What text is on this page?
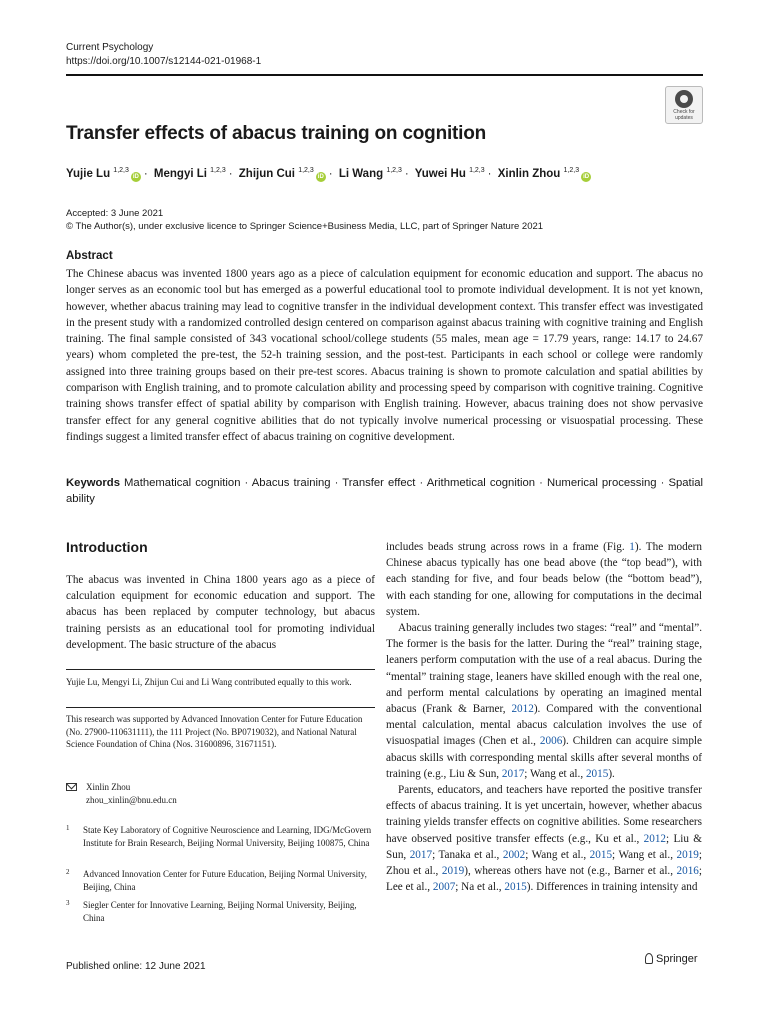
Current Psychology
https://doi.org/10.1007/s12144-021-01968-1
Check for
updates
Transfer effects of abacus training on cognition
Yujie Lu $^{1,2,3}$iD · Mengyi Li $^{1,2,3}$ · Zhijun Cui $^{1,2,3}$iD · Li Wang $^{1,2,3}$ · Yuwei Hu $^{1,2,3}$ · Xinlin Zhou $^{1,2,3}$iD
Accepted: 3 June 2021
© The Author(s), under exclusive licence to Springer Science+Business Media, LLC, part of Springer Nature 2021
Abstract
The Chinese abacus was invented 1800 years ago as a piece of calculation equipment for economic education and support. The abacus no longer serves as an economic tool but has emerged as a powerful educational tool to promote individual development. It is not yet known, however, whether abacus training may lead to cognitive transfer in the individual development context. This transfer effect was investigated in the present study with a randomized controlled design centered on comparison against abacus training with cognitive training and English training. The final sample consisted of 343 vocational school/college students (55 males, mean age = 17.79 years, range: 14.17 to 24.67 years) whom completed the pre-test, the 52-h training session, and the post-test. Participants in each school or college were randomly assigned into three training groups based on their pre-test scores. Abacus training is shown to promote calculation and spatial abilities by comparison with English training, and to promote calculation ability and processing speed by comparison with cognitive training. Cognitive training shows transfer effect of spatial ability by comparison with English training. However, abacus training does not show pervasive transfer effect for any general cognitive abilities that do not typically involve numerical processing or visuospatial processing. These findings suggest a limited transfer effect of abacus training on cognitive development.
Keywords Mathematical cognition · Abacus training · Transfer effect · Arithmetical cognition · Numerical processing · Spatial ability
Introduction
The abacus was invented in China 1800 years ago as a piece of calculation equipment for economic education and support. The abacus has been replaced by computer technology, but abacus training persists as an educational tool for promoting individual development. The basic structure of the abacus
Yujie Lu, Mengyi Li, Zhijun Cui and Li Wang contributed equally to this work.
This research was supported by Advanced Innovation Center for Future Education (No. 27900-110631111), the 111 Project (No. BP0719032), and National Natural Science Foundation of China (Nos. 31600896, 31671151).
Xinlin Zhou
zhou_xinlin@bnu.edu.cn
1 State Key Laboratory of Cognitive Neuroscience and Learning, IDG/McGovern Institute for Brain Research, Beijing Normal University, Beijing 100875, China
2 Advanced Innovation Center for Future Education, Beijing Normal University, Beijing, China
3 Siegler Center for Innovative Learning, Beijing Normal University, Beijing, China

includes beads strung across rows in a frame (Fig. 1). The modern Chinese abacus typically has one bead above (the “top bead”), with each standing for five, and four beads below (the “bottom bead”), with each standing for one, allowing for computations in the decimal system.

Abacus training generally includes two stages: “real” and “mental”. The former is the basis for the latter. During the “real” training stage, leaners perform computation with the use of a real abacus. During the “mental” training stage, leaners have skilled enough with the real one, and perform mental calculations by operating an imagined mental abacus (Frank & Barner, 2012). Compared with the conventional mental calculation, mental abacus calculation involves the use of visuospatial images (Chen et al., 2006). Children can acquire simple abacus skills with corresponding mental skills after several months of training (e.g., Liu & Sun, 2017; Wang et al., 2015).

Parents, educators, and teachers have reported the positive transfer effects of abacus training. It is yet uncertain, however, whether abacus training yields transfer effects on cognitive abilities. Some researchers have observed positive transfer effects (e.g., Ku et al., 2012; Liu & Sun, 2017; Tanaka et al., 2002; Wang et al., 2015; Wang et al., 2019; Zhou et al., 2019), whereas others have not (e.g., Barner et al., 2016; Lee et al., 2007; Na et al., 2015). Differences in training intensity and

Published online: 12 June 2021
Springer
